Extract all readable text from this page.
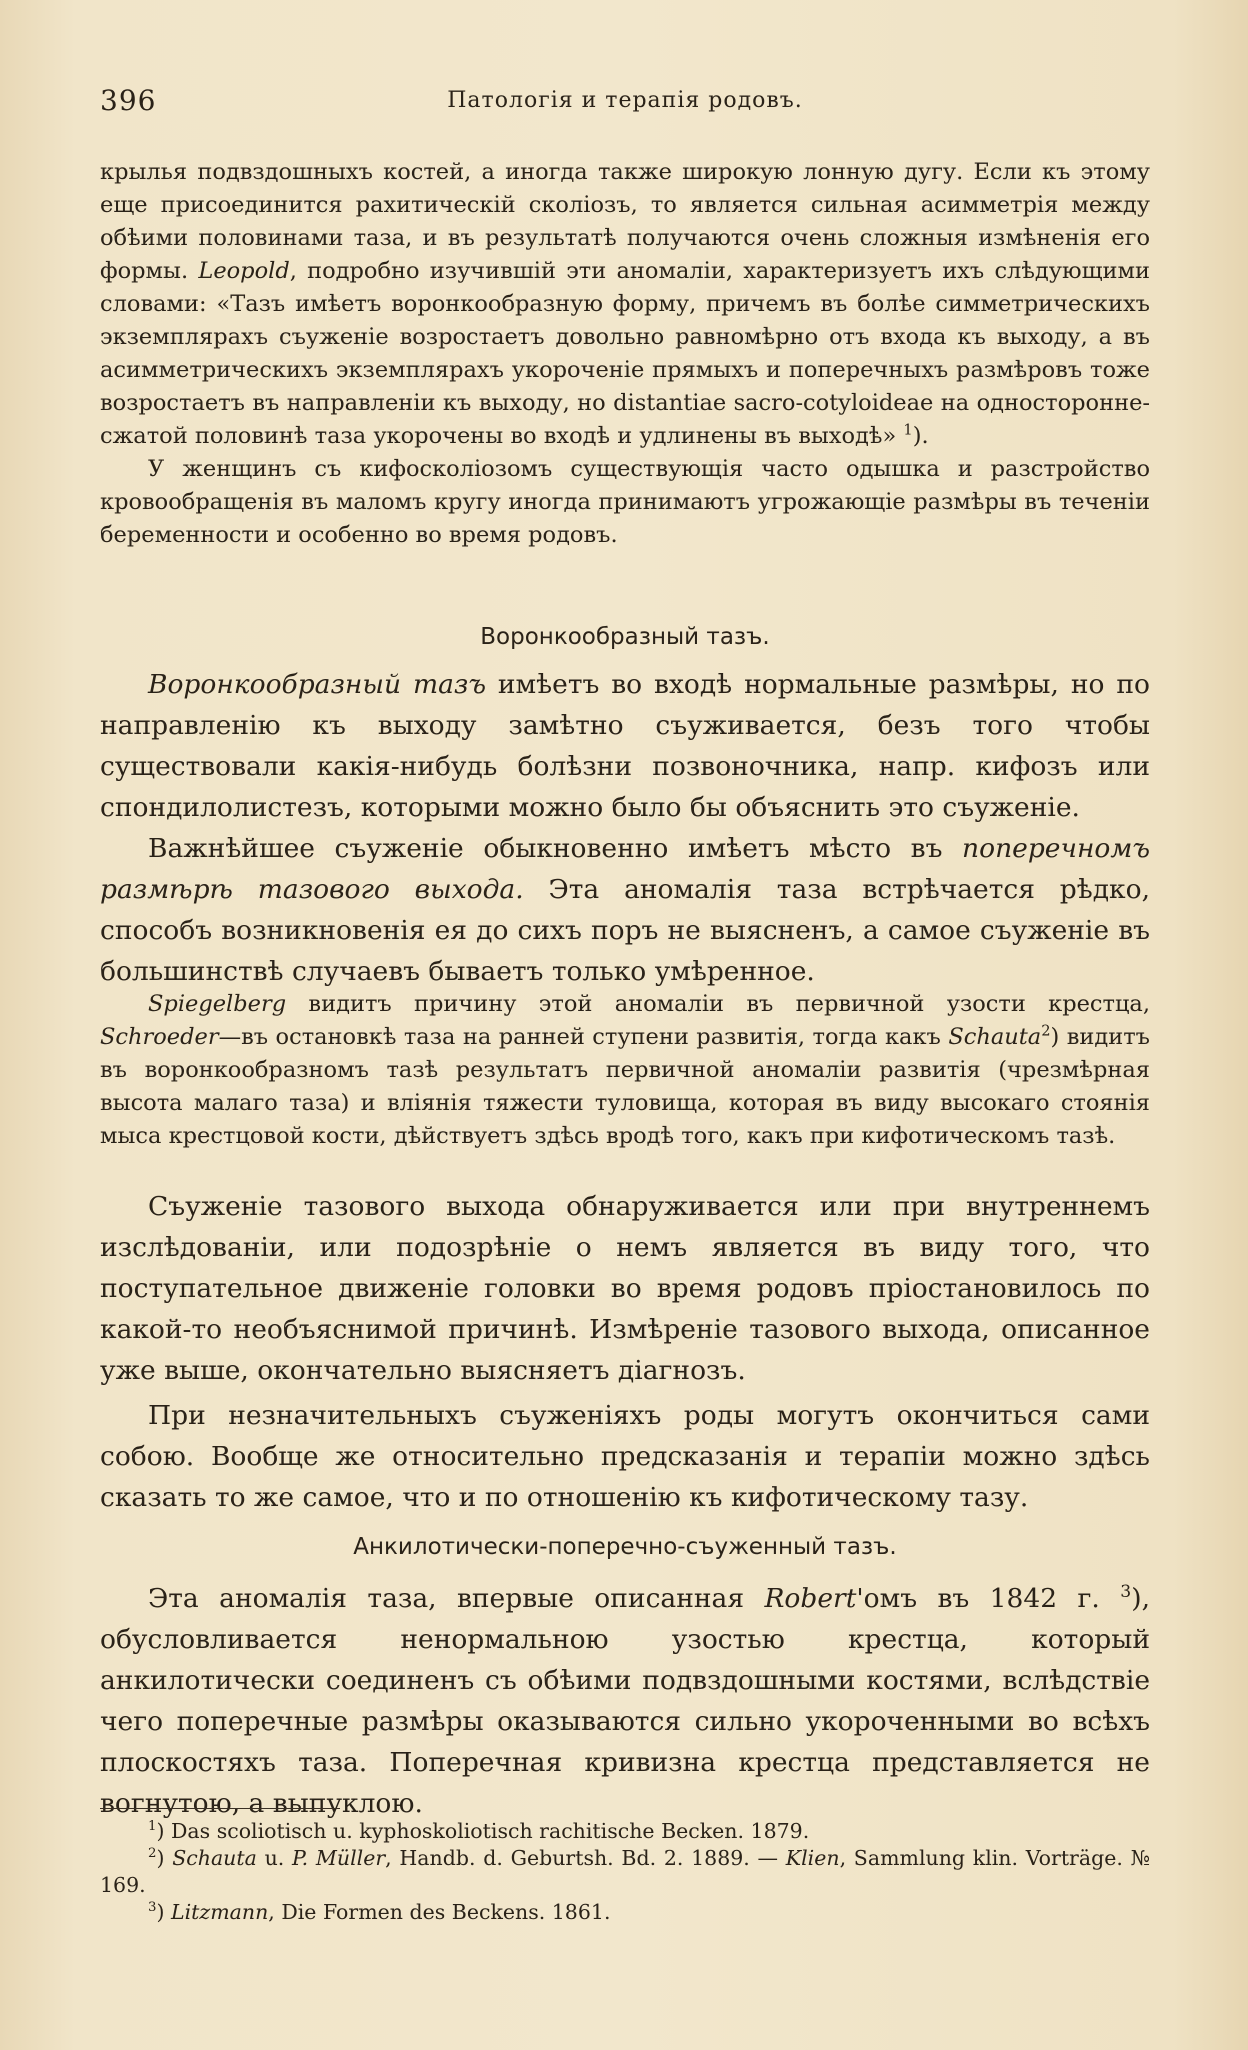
396	Патологія и терапія родовъ.

крылья подвздошныхъ костей, а иногда также широкую лонную дугу. Если къ этому еще присоединится рахитическій сколіозъ, то является сильная асимметрія между обѣими половинами таза, и въ результатѣ получаются очень сложныя измѣненія его формы. Leopold, подробно изучившій эти аномаліи, характеризуетъ ихъ слѣдующими словами: «Тазъ имѣетъ воронкообразную форму, причемъ въ болѣе симметрическихъ экземплярахъ съуженіе возростаетъ довольно равномѣрно отъ входа къ выходу, а въ асимметрическихъ экземплярахъ укороченіе прямыхъ и поперечныхъ размѣровъ тоже возростаетъ въ направленіи къ выходу, но distantiae sacro-cotyloideae на односторонне-сжатой половинѣ таза укорочены во входѣ и удлинены въ выходѣ» $^1$).

У женщинъ съ кифосколіозомъ существующія часто одышка и разстройство кровообращенія въ маломъ кругу иногда принимаютъ угрожающіе размѣры въ теченіи беременности и особенно во время родовъ.

Воронкообразный тазъ.

Воронкообразный тазъ имѣетъ во входѣ нормальные размѣры, но по направленію къ выходу замѣтно съуживается, безъ того чтобы существовали какія-нибудь болѣзни позвоночника, напр. кифозъ или спондилолистезъ, которыми можно было бы объяснить это съуженіе.

Важнѣйшее съуженіе обыкновенно имѣетъ мѣсто въ поперечномъ размѣрѣ тазового выхода. Эта аномалія таза встрѣчается рѣдко, способъ возникновенія ея до сихъ поръ не выясненъ, а самое съуженіе въ большинствѣ случаевъ бываетъ только умѣренное.

Spiegelberg видитъ причину этой аномаліи въ первичной узости крестца, Schroeder—въ остановкѣ таза на ранней ступени развитія, тогда какъ Schauta$^2$) видитъ въ воронкообразномъ тазѣ результатъ первичной аномаліи развитія (чрезмѣрная высота малаго таза) и вліянія тяжести туловища, которая въ виду высокаго стоянія мыса крестцовой кости, дѣйствуетъ здѣсь вродѣ того, какъ при кифотическомъ тазѣ.

Съуженіе тазового выхода обнаруживается или при внутреннемъ изслѣдованіи, или подозрѣніе о немъ является въ виду того, что поступательное движеніе головки во время родовъ пріостановилось по какой-то необъяснимой причинѣ. Измѣреніе тазового выхода, описанное уже выше, окончательно выясняетъ діагнозъ.

При незначительныхъ съуженіяхъ роды могутъ окончиться сами собою. Вообще же относительно предсказанія и терапіи можно здѣсь сказать то же самое, что и по отношенію къ кифотическому тазу.

Анкилотически-поперечно-съуженный тазъ.

Эта аномалія таза, впервые описанная Robert'омъ въ 1842 г. $^3$), обусловливается ненормальною узостью крестца, который анкилотически соединенъ съ обѣими подвздошными костями, вслѣдствіе чего поперечные размѣры оказываются сильно укороченными во всѣхъ плоскостяхъ таза. Поперечная кривизна крестца представляется не вогнутою, а выпуклою.

$^1$) Das scoliotisch u. kyphoskoliotisch rachitische Becken. 1879.

$^2$) Schauta u. P. Müller, Handb. d. Geburtsh. Bd. 2. 1889. — Klien, Sammlung klin. Vorträge. № 169.

$^3$) Litzmann, Die Formen des Beckens. 1861.
